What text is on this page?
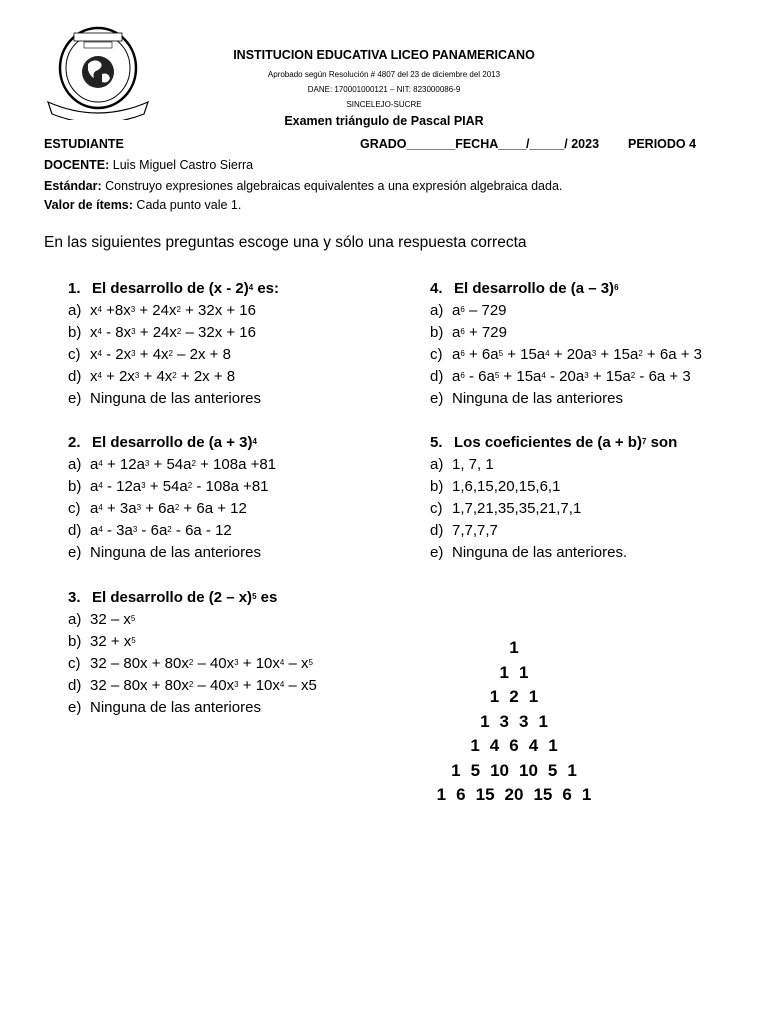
INSTITUCION EDUCATIVA LICEO PANAMERICANO
Aprobado según Resolución # 4807 del 23 de diciembre del 2013
DANE: 170001000121 – NIT: 823000086-9
SINCELEJO-SUCRE
Examen triángulo de Pascal PIAR
ESTUDIANTE	GRADO_______FECHA____/_____/ 2023 PERIODO 4
DOCENTE: Luis Miguel Castro Sierra
Estándar: Construyo expresiones algebraicas equivalentes a una expresión algebraica dada.
Valor de ítems: Cada punto vale 1.
En las siguientes preguntas escoge una y sólo una respuesta correcta
1. El desarrollo de (x - 2)$^4$ es:
a) $x^4 +8x^3 + 24x^2 + 32x + 16$
b) $x^4 - 8x^3 + 24x^2 - 32x + 16$
c) $x^4 - 2x^3 + 4x^2 - 2x + 8$
d) $x^4 + 2x^3 + 4x^2 + 2x + 8$
e) Ninguna de las anteriores
2. El desarrollo de $(a + 3)^4$
a) $a^4 + 12a^3 + 54a^2 + 108a +81$
b) $a^4 - 12a^3 + 54a^2 - 108a +81$
c) $a^4 + 3a^3 + 6a^2 + 6a + 12$
d) $a^4 - 3a^3 - 6a^2 - 6a - 12$
e) Ninguna de las anteriores
3. El desarrollo de (2 – x)$^5$ es
a) $32 - x^5$
b) $32 + x^5$
c) $32 - 80x + 80x^2 - 40x^3 + 10x^4 - x^5$
d) $32 - 80x + 80x^2 - 40x^3 + 10x^4 - x5$
e) Ninguna de las anteriores
4. El desarrollo de (a – 3)$^6$
a) $a^6 - 729$
b) $a^6 + 729$
c) $a^6 + 6a^5 + 15a^4 + 20a^3 + 15a^2 + 6a + 3$
d) $a^6 - 6a^5 + 15a^4 - 20a^3 + 15a^2 - 6a + 3$
e) Ninguna de las anteriores
5. Los coeficientes de $(a + b)^7$ son
a) 1, 7, 1
b) 1,6,15,20,15,6,1
c) 1,7,21,35,35,21,7,1
d) 7,7,7,7
e) Ninguna de las anteriores.
1
1 1
1 2 1
1 3 3 1
1 4 6 4 1
1 5 10 10 5 1
1 6 15 20 15 6 1
